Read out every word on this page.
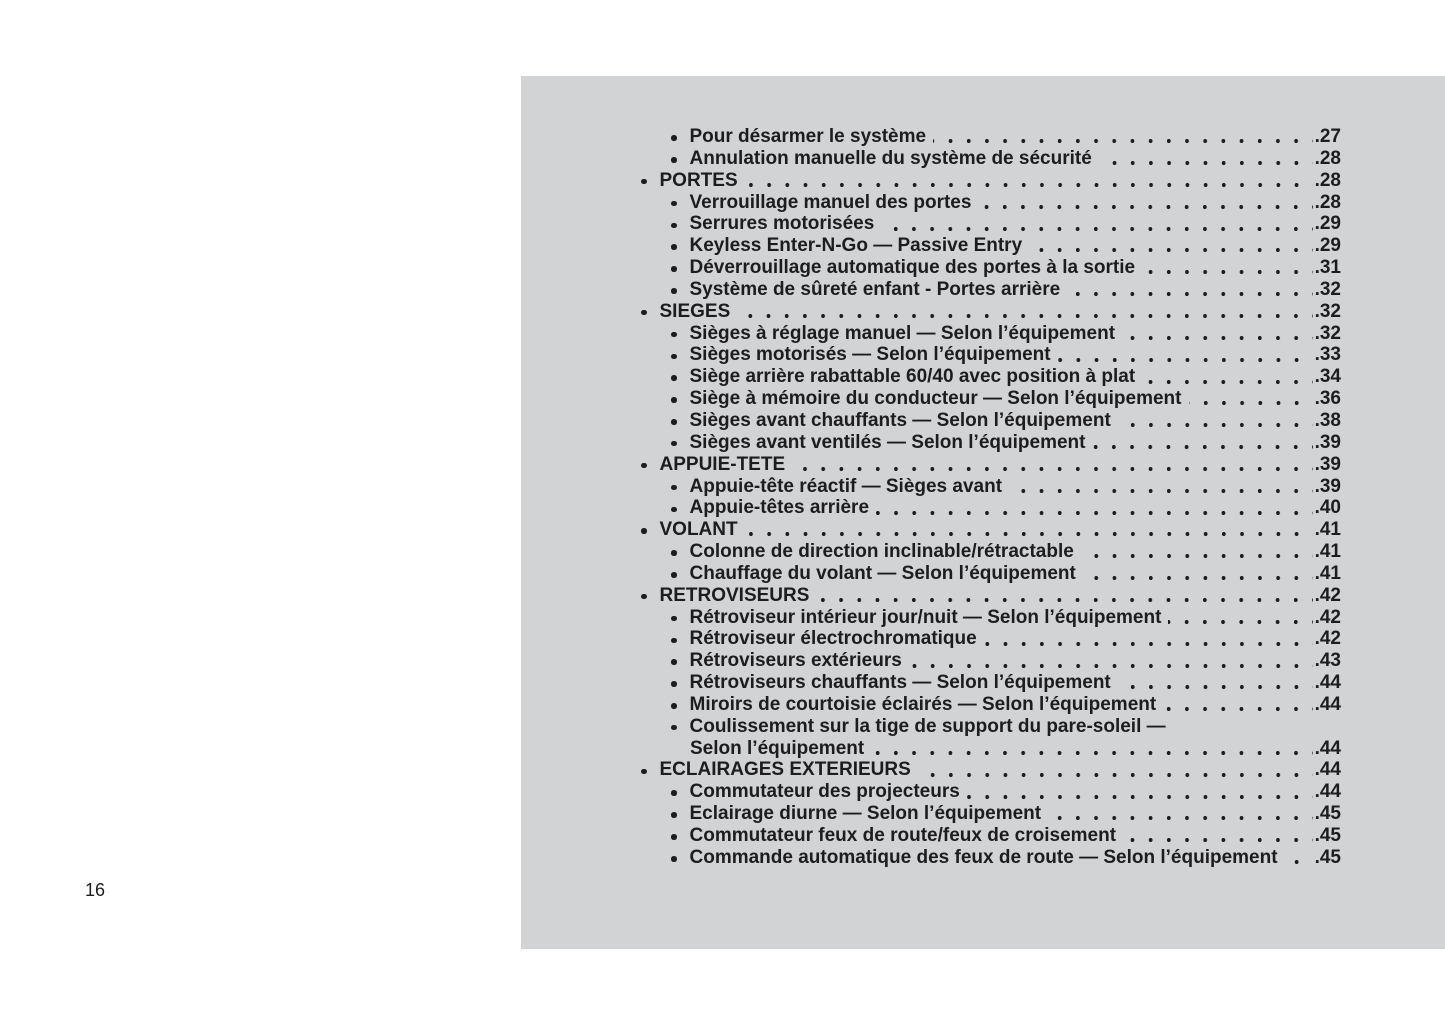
Pour désarmer le système	.27
Annulation manuelle du système de sécurité	.28
PORTES	.28
Verrouillage manuel des portes	.28
Serrures motorisées	.29
Keyless Enter-N-Go — Passive Entry	.29
Déverrouillage automatique des portes à la sortie	.31
Système de sûreté enfant - Portes arrière	.32
SIEGES	.32
Sièges à réglage manuel — Selon l’équipement	.32
Sièges motorisés — Selon l’équipement	.33
Siège arrière rabattable 60/40 avec position à plat	.34
Siège à mémoire du conducteur — Selon l’équipement	.36
Sièges avant chauffants — Selon l’équipement	.38
Sièges avant ventilés — Selon l’équipement	.39
APPUIE-TETE	.39
Appuie-tête réactif — Sièges avant	.39
Appuie-têtes arrière	.40
VOLANT	.41
Colonne de direction inclinable/rétractable	.41
Chauffage du volant — Selon l’équipement	.41
RETROVISEURS	.42
Rétroviseur intérieur jour/nuit — Selon l’équipement	.42
Rétroviseur électrochromatique	.42
Rétroviseurs extérieurs	.43
Rétroviseurs chauffants — Selon l’équipement	.44
Miroirs de courtoisie éclairés — Selon l’équipement	.44
Coulissement sur la tige de support du pare-soleil —
Selon l’équipement	.44
ECLAIRAGES EXTERIEURS	.44
Commutateur des projecteurs	.44
Eclairage diurne — Selon l’équipement	.45
Commutateur feux de route/feux de croisement	.45
Commande automatique des feux de route — Selon l’équipement .45
16
